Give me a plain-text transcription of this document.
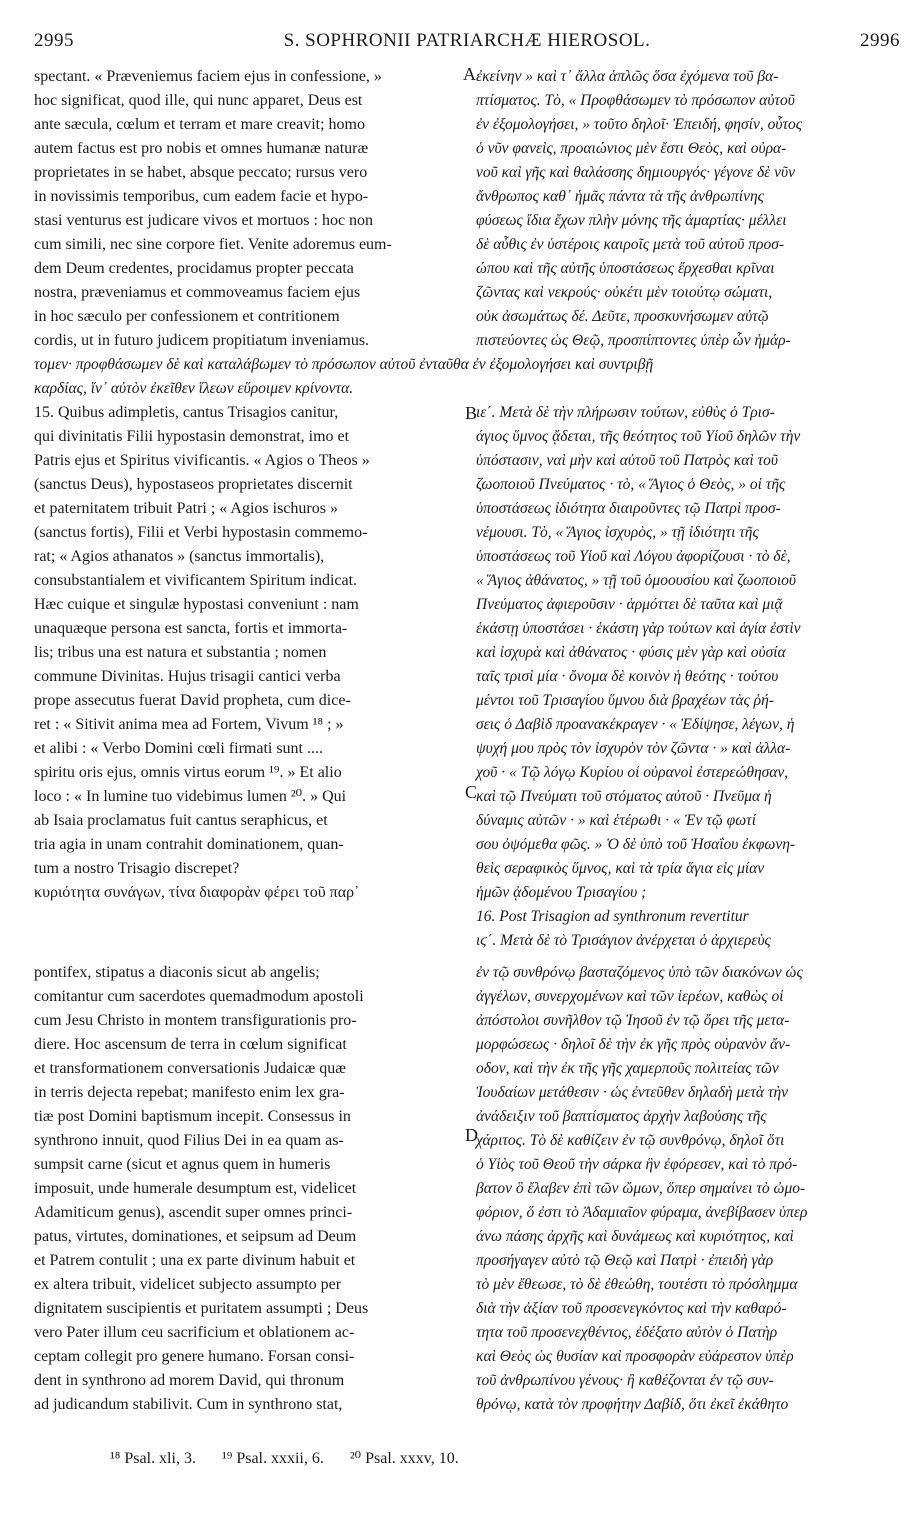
2995	S. SOPHRONII PATRIARCHÆ HIEROSOL.	2996
A
B
C
D
spectant. « Præveniemus faciem ejus in confessione, »	ἐκείνην » καὶ τ᾽ ἄλλα ἁπλῶς ὅσα ἐχόμενα τοῦ βα-
hoc significat, quod ille, qui nunc apparet, Deus est	πτίσματος. Τὸ, « Προφθάσωμεν τὸ πρόσωπον αὐτοῦ
ante sæcula, cœlum et terram et mare creavit; homo	ἐν ἐξομολογήσει, » τοῦτο δηλοῖ· Ἐπειδή, φησίν, οὗτος
autem factus est pro nobis et omnes humanæ naturæ	ὁ νῦν φανεὶς, προαιώνιος μὲν ἔστι Θεὸς, καὶ οὐρα-
proprietates in se habet, absque peccato; rursus vero	νοῦ καὶ γῆς καὶ θαλάσσης δημιουργός· γέγονε δὲ νῦν
in novissimis temporibus, cum eadem facie et hypo-	ἄνθρωπος καθ᾽ ἡμᾶς πάντα τὰ τῆς ἀνθρωπίνης
stasi venturus est judicare vivos et mortuos : hoc non	φύσεως ἴδια ἔχων πλὴν μόνης τῆς ἁμαρτίας· μέλλει
cum simili, nec sine corpore fiet. Venite adoremus eum-	δὲ αὖθις ἐν ὑστέροις καιροῖς μετὰ τοῦ αὐτοῦ προσ-
dem Deum credentes, procidamus propter peccata	ώπου καὶ τῆς αὐτῆς ὑποστάσεως ἔρχεσθαι κρῖναι
nostra, præveniamus et commoveamus faciem ejus	ζῶντας καὶ νεκρούς· οὐκέτι μὲν τοιούτῳ σώματι,
in hoc sæculo per confessionem et contritionem	οὐκ ἀσωμάτως δέ. Δεῦτε, προσκυνήσωμεν αὐτῷ
cordis, ut in futuro judicem propitiatum inveniamus.	πιστεύοντες ὡς Θεῷ, προσπίπτοντες ὑπὲρ ὧν ἡμάρ-
τομεν· προφθάσωμεν δὲ καὶ καταλάβωμεν τὸ πρόσωπον αὐτοῦ ἐνταῦθα ἐν ἐξομολογήσει καὶ συντριβῇ
καρδίας, ἵν᾽ αὐτὸν ἐκεῖθεν ἵλεων εὕροιμεν κρίνοντα.
15. Quibus adimpletis, cantus Trisagios canitur,	ιε΄. Μετὰ δὲ τὴν πλήρωσιν τούτων, εὐθὺς ὁ Τρισ-
qui divinitatis Filii hypostasin demonstrat, imo et	άγιος ὕμνος ᾄδεται, τῆς θεότητος τοῦ Υἱοῦ δηλῶν τὴν
Patris ejus et Spiritus vivificantis. « Agios o Theos »	ὑπόστασιν, ναὶ μὴν καὶ αὐτοῦ τοῦ Πατρὸς καὶ τοῦ
(sanctus Deus), hypostaseos proprietates discernit	ζωοποιοῦ Πνεύματος · τὸ, « Ἅγιος ὁ Θεὸς, » οἱ τῆς
et paternitatem tribuit Patri ; « Agios ischuros »	ὑποστάσεως ἰδιότητα διαιροῦντες τῷ Πατρὶ προσ-
(sanctus fortis), Filii et Verbi hypostasin commemo-	νέμουσι. Τὸ, « Ἅγιος ἰσχυρὸς, » τῇ ἰδιότητι τῆς
rat; « Agios athanatos » (sanctus immortalis),	ὑποστάσεως τοῦ Υἱοῦ καὶ Λόγου ἀφορίζουσι · τὸ δὲ,
consubstantialem et vivificantem Spiritum indicat.	« Ἅγιος ἀθάνατος, » τῇ τοῦ ὁμοουσίου καὶ ζωοποιοῦ
Hæc cuique et singulæ hypostasi conveniunt : nam	Πνεύματος ἀφιεροῦσιν · ἁρμόττει δὲ ταῦτα καὶ μιᾷ
unaquæque persona est sancta, fortis et immorta-	ἑκάστῃ ὑποστάσει · ἑκάστη γὰρ τούτων καὶ ἁγία ἐστὶν
lis; tribus una est natura et substantia ; nomen	καὶ ἰσχυρὰ καὶ ἀθάνατος · φύσις μὲν γὰρ καὶ οὐσία
commune Divinitas. Hujus trisagii cantici verba	ταῖς τρισὶ μία · ὄνομα δὲ κοινὸν ἡ θεότης · τούτου
prope assecutus fuerat David propheta, cum dice-	μέντοι τοῦ Τρισαγίου ὕμνου διὰ βραχέων τὰς ῥή-
ret : « Sitivit anima mea ad Fortem, Vivum ¹⁸ ; »	σεις ὁ Δαβὶδ προανακέκραγεν · « Ἐδίψησε, λέγων, ἡ
et alibi : « Verbo Domini cœli firmati sunt ....	ψυχή μου πρὸς τὸν ἰσχυρὸν τὸν ζῶντα · » καὶ ἀλλα-
spiritu oris ejus, omnis virtus eorum ¹⁹. » Et alio	χοῦ · « Τῷ λόγῳ Κυρίου οἱ οὐρανοὶ ἐστερεώθησαν,
loco : « In lumine tuo videbimus lumen ²⁰. » Qui	καὶ τῷ Πνεύματι τοῦ στόματος αὐτοῦ · Πνεῦμα ἡ
ab Isaia proclamatus fuit cantus seraphicus, et	δύναμις αὐτῶν · » καὶ ἑτέρωθι · « Ἐν τῷ φωτί
tria agia in unam contrahit dominationem, quan-	σου ὀψόμεθα φῶς. » Ὁ δὲ ὑπὸ τοῦ Ἠσαΐου ἐκφωνη-
tum a nostro Trisagio discrepet?	θεὶς σεραφικὸς ὕμνος, καὶ τὰ τρία ἅγια εἰς μίαν
κυριότητα συνάγων, τίνα διαφορὰν φέρει τοῦ παρ᾽	ἡμῶν ᾀδομένου Τρισαγίου ;
16. Post Trisagion ad synthronum revertitur
ιϛ΄. Μετὰ δὲ τὸ Τρισάγιον ἀνέρχεται ὁ ἀρχιερεὺς
pontifex, stipatus a diaconis sicut ab angelis;	ἐν τῷ συνθρόνῳ βασταζόμενος ὑπὸ τῶν διακόνων ὡς
comitantur cum sacerdotes quemadmodum apostoli	ἀγγέλων, συνερχομένων καὶ τῶν ἱερέων, καθὼς οἱ
cum Jesu Christo in montem transfigurationis pro-	ἀπόστολοι συνῆλθον τῷ Ἰησοῦ ἐν τῷ ὄρει τῆς μετα-
diere. Hoc ascensum de terra in cœlum significat	μορφώσεως · δηλοῖ δὲ τὴν ἐκ γῆς πρὸς οὐρανὸν ἄν-
et transformationem conversationis Judaicæ quæ	οδον, καὶ τὴν ἐκ τῆς γῆς χαμερποῦς πολιτείας τῶν
in terris dejecta repebat; manifesto enim lex gra-	Ἰουδαίων μετάθεσιν · ὡς ἐντεῦθεν δηλαδὴ μετὰ τὴν
tiæ post Domini baptismum incepit. Consessus in	ἀνάδειξιν τοῦ βαπτίσματος ἀρχὴν λαβούσης τῆς
synthrono innuit, quod Filius Dei in ea quam as-	χάριτος. Τὸ δὲ καθίζειν ἐν τῷ συνθρόνῳ, δηλοῖ ὅτι
sumpsit carne (sicut et agnus quem in humeris	ὁ Υἱὸς τοῦ Θεοῦ τὴν σάρκα ἣν ἐφόρεσεν, καὶ τὸ πρό-
imposuit, unde humerale desumptum est, videlicet	βατον ὃ ἔλαβεν ἐπὶ τῶν ὤμων, ὅπερ σημαίνει τὸ ὠμο-
Adamiticum genus), ascendit super omnes princi-	φόριον, ὅ ἐστι τὸ Ἀδαμιαῖον φύραμα, ἀνεβίβασεν ὑπερ
patus, virtutes, dominationes, et seipsum ad Deum	άνω πάσης ἀρχῆς καὶ δυνάμεως καὶ κυριότητος, καὶ
et Patrem contulit ; una ex parte divinum habuit et	προσήγαγεν αὐτὸ τῷ Θεῷ καὶ Πατρὶ · ἐπειδὴ γὰρ
ex altera tribuit, videlicet subjecto assumpto per	τὸ μὲν ἔθεωσε, τὸ δὲ ἐθεώθη, τουτέστι τὸ πρόσλημμα
dignitatem suscipientis et puritatem assumpti ; Deus	διὰ τὴν ἀξίαν τοῦ προσενεγκόντος καὶ τὴν καθαρό-
vero Pater illum ceu sacrificium et oblationem ac-	τητα τοῦ προσενεχθέντος, ἐδέξατο αὐτὸν ὁ Πατὴρ
ceptam collegit pro genere humano. Forsan consi-	καὶ Θεὸς ὡς θυσίαν καὶ προσφορὰν εὐάρεστον ὑπὲρ
dent in synthrono ad morem David, qui thronum	τοῦ ἀνθρωπίνου γένους· ἢ καθέζονται ἐν τῷ συν-
ad judicandum stabilivit. Cum in synthrono stat,	θρόνῳ, κατὰ τὸν προφήτην Δαβίδ, ὅτι ἐκεῖ ἐκάθητο
¹⁸ Psal. xli, 3. ¹⁹ Psal. xxxii, 6. ²⁰ Psal. xxxv, 10.
